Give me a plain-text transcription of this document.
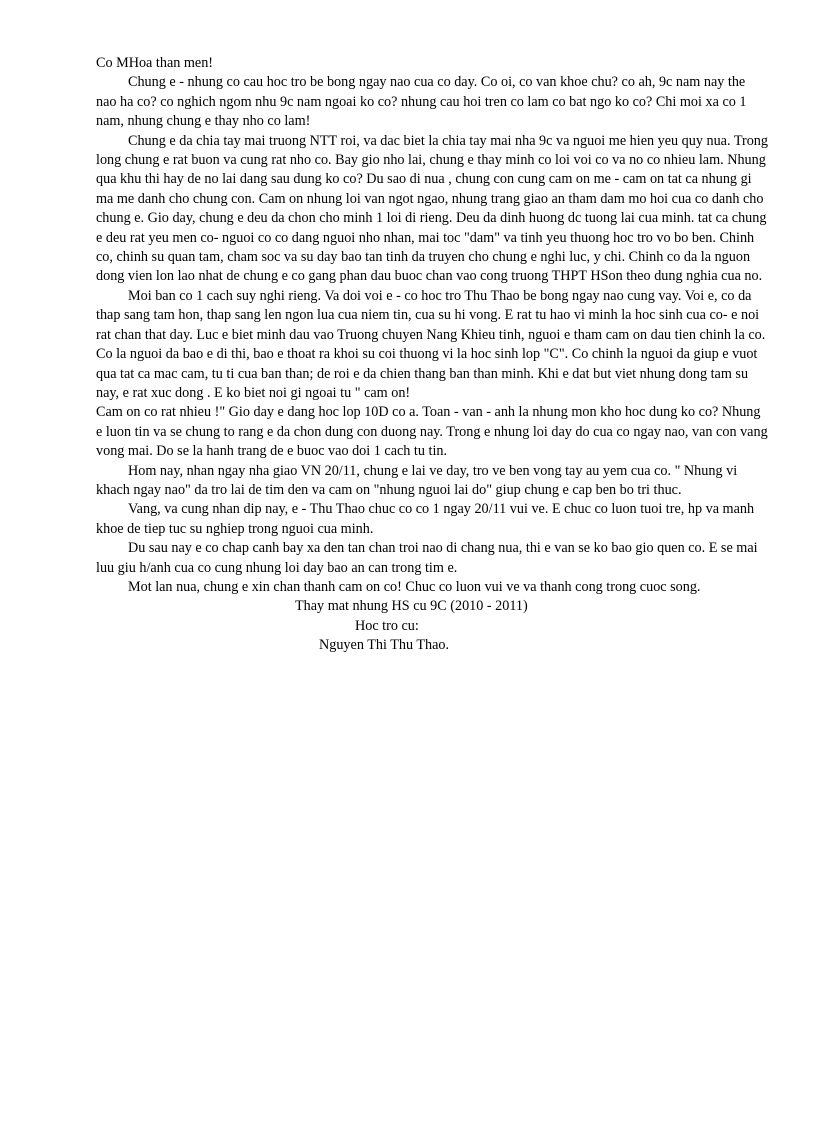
Co MHoa than men!

Chung e - nhung co cau hoc tro be bong ngay nao cua co day. Co oi, co van khoe chu? co ah, 9c nam nay the nao ha co? co nghich ngom nhu 9c nam ngoai ko co? nhung cau hoi tren co lam co bat ngo ko co? Chi moi xa co 1 nam, nhung chung e thay nho co lam!

Chung e da chia tay mai truong NTT roi, va dac biet la chia tay mai nha 9c va nguoi me hien yeu quy nua. Trong long chung e rat buon va cung rat nho co. Bay gio nho lai, chung e thay minh co loi voi co va no co nhieu lam. Nhung qua khu thi hay de no lai dang sau dung ko co? Du sao di nua , chung con cung cam on me - cam on tat ca nhung gi ma me danh cho chung con. Cam on nhung loi van ngot ngao, nhung trang giao an tham dam mo hoi cua co danh cho chung e. Gio day, chung e deu da chon cho minh 1 loi di rieng. Deu da dinh huong dc tuong lai cua minh. tat ca chung e deu rat yeu men co- nguoi co co dang nguoi nho nhan, mai toc "dam" va tinh yeu thuong hoc tro vo bo ben. Chinh co, chinh su quan tam, cham soc va su day bao tan tinh da truyen cho chung e nghi luc, y chi. Chinh co da la nguon dong vien lon lao nhat de chung e co gang phan dau buoc chan vao cong truong THPT HSon theo dung nghia cua no.

Moi ban co 1 cach suy nghi rieng. Va doi voi e - co hoc tro Thu Thao be bong ngay nao cung vay. Voi e, co da thap sang tam hon, thap sang len ngon lua cua niem tin, cua su hi vong. E rat tu hao vi minh la hoc sinh cua co- e noi rat chan that day. Luc e biet minh dau vao Truong chuyen Nang Khieu tinh, nguoi e tham cam on dau tien chinh la co. Co la nguoi da bao e di thi, bao e thoat ra khoi su coi thuong vi la hoc sinh lop "C". Co chinh la nguoi da giup e vuot qua tat ca mac cam, tu ti cua ban than; de roi e da chien thang ban than minh. Khi e dat but viet nhung dong tam su nay, e rat xuc dong . E ko biet noi gi ngoai tu " cam on!

Cam on co rat nhieu !" Gio day e dang hoc lop 10D co a. Toan - van - anh la nhung mon kho hoc dung ko co? Nhung e luon tin va se chung to rang e da chon dung con duong nay. Trong e nhung loi day do cua co ngay nao, van con vang vong mai. Do se la hanh trang de e buoc vao doi 1 cach tu tin.

Hom nay, nhan ngay nha giao VN 20/11, chung e lai ve day, tro ve ben vong tay au yem cua co. " Nhung vi khach ngay nao" da tro lai de tim den va cam on "nhung nguoi lai do" giup chung e cap ben bo tri thuc.

Vang, va cung nhan dip nay, e - Thu Thao chuc co co 1 ngay 20/11 vui ve. E chuc co luon tuoi tre, hp va manh khoe de tiep tuc su nghiep trong nguoi cua minh.

Du sau nay e co chap canh bay xa den tan chan troi nao di chang nua, thi e van se ko bao gio quen co. E se mai luu giu h/anh cua co cung nhung loi day bao an can trong tim e.

Mot lan nua, chung e xin chan thanh cam on co! Chuc co luon vui ve va thanh cong trong cuoc song.

Thay mat nhung HS cu 9C (2010 - 2011)
Hoc tro cu:
Nguyen Thi Thu Thao.
